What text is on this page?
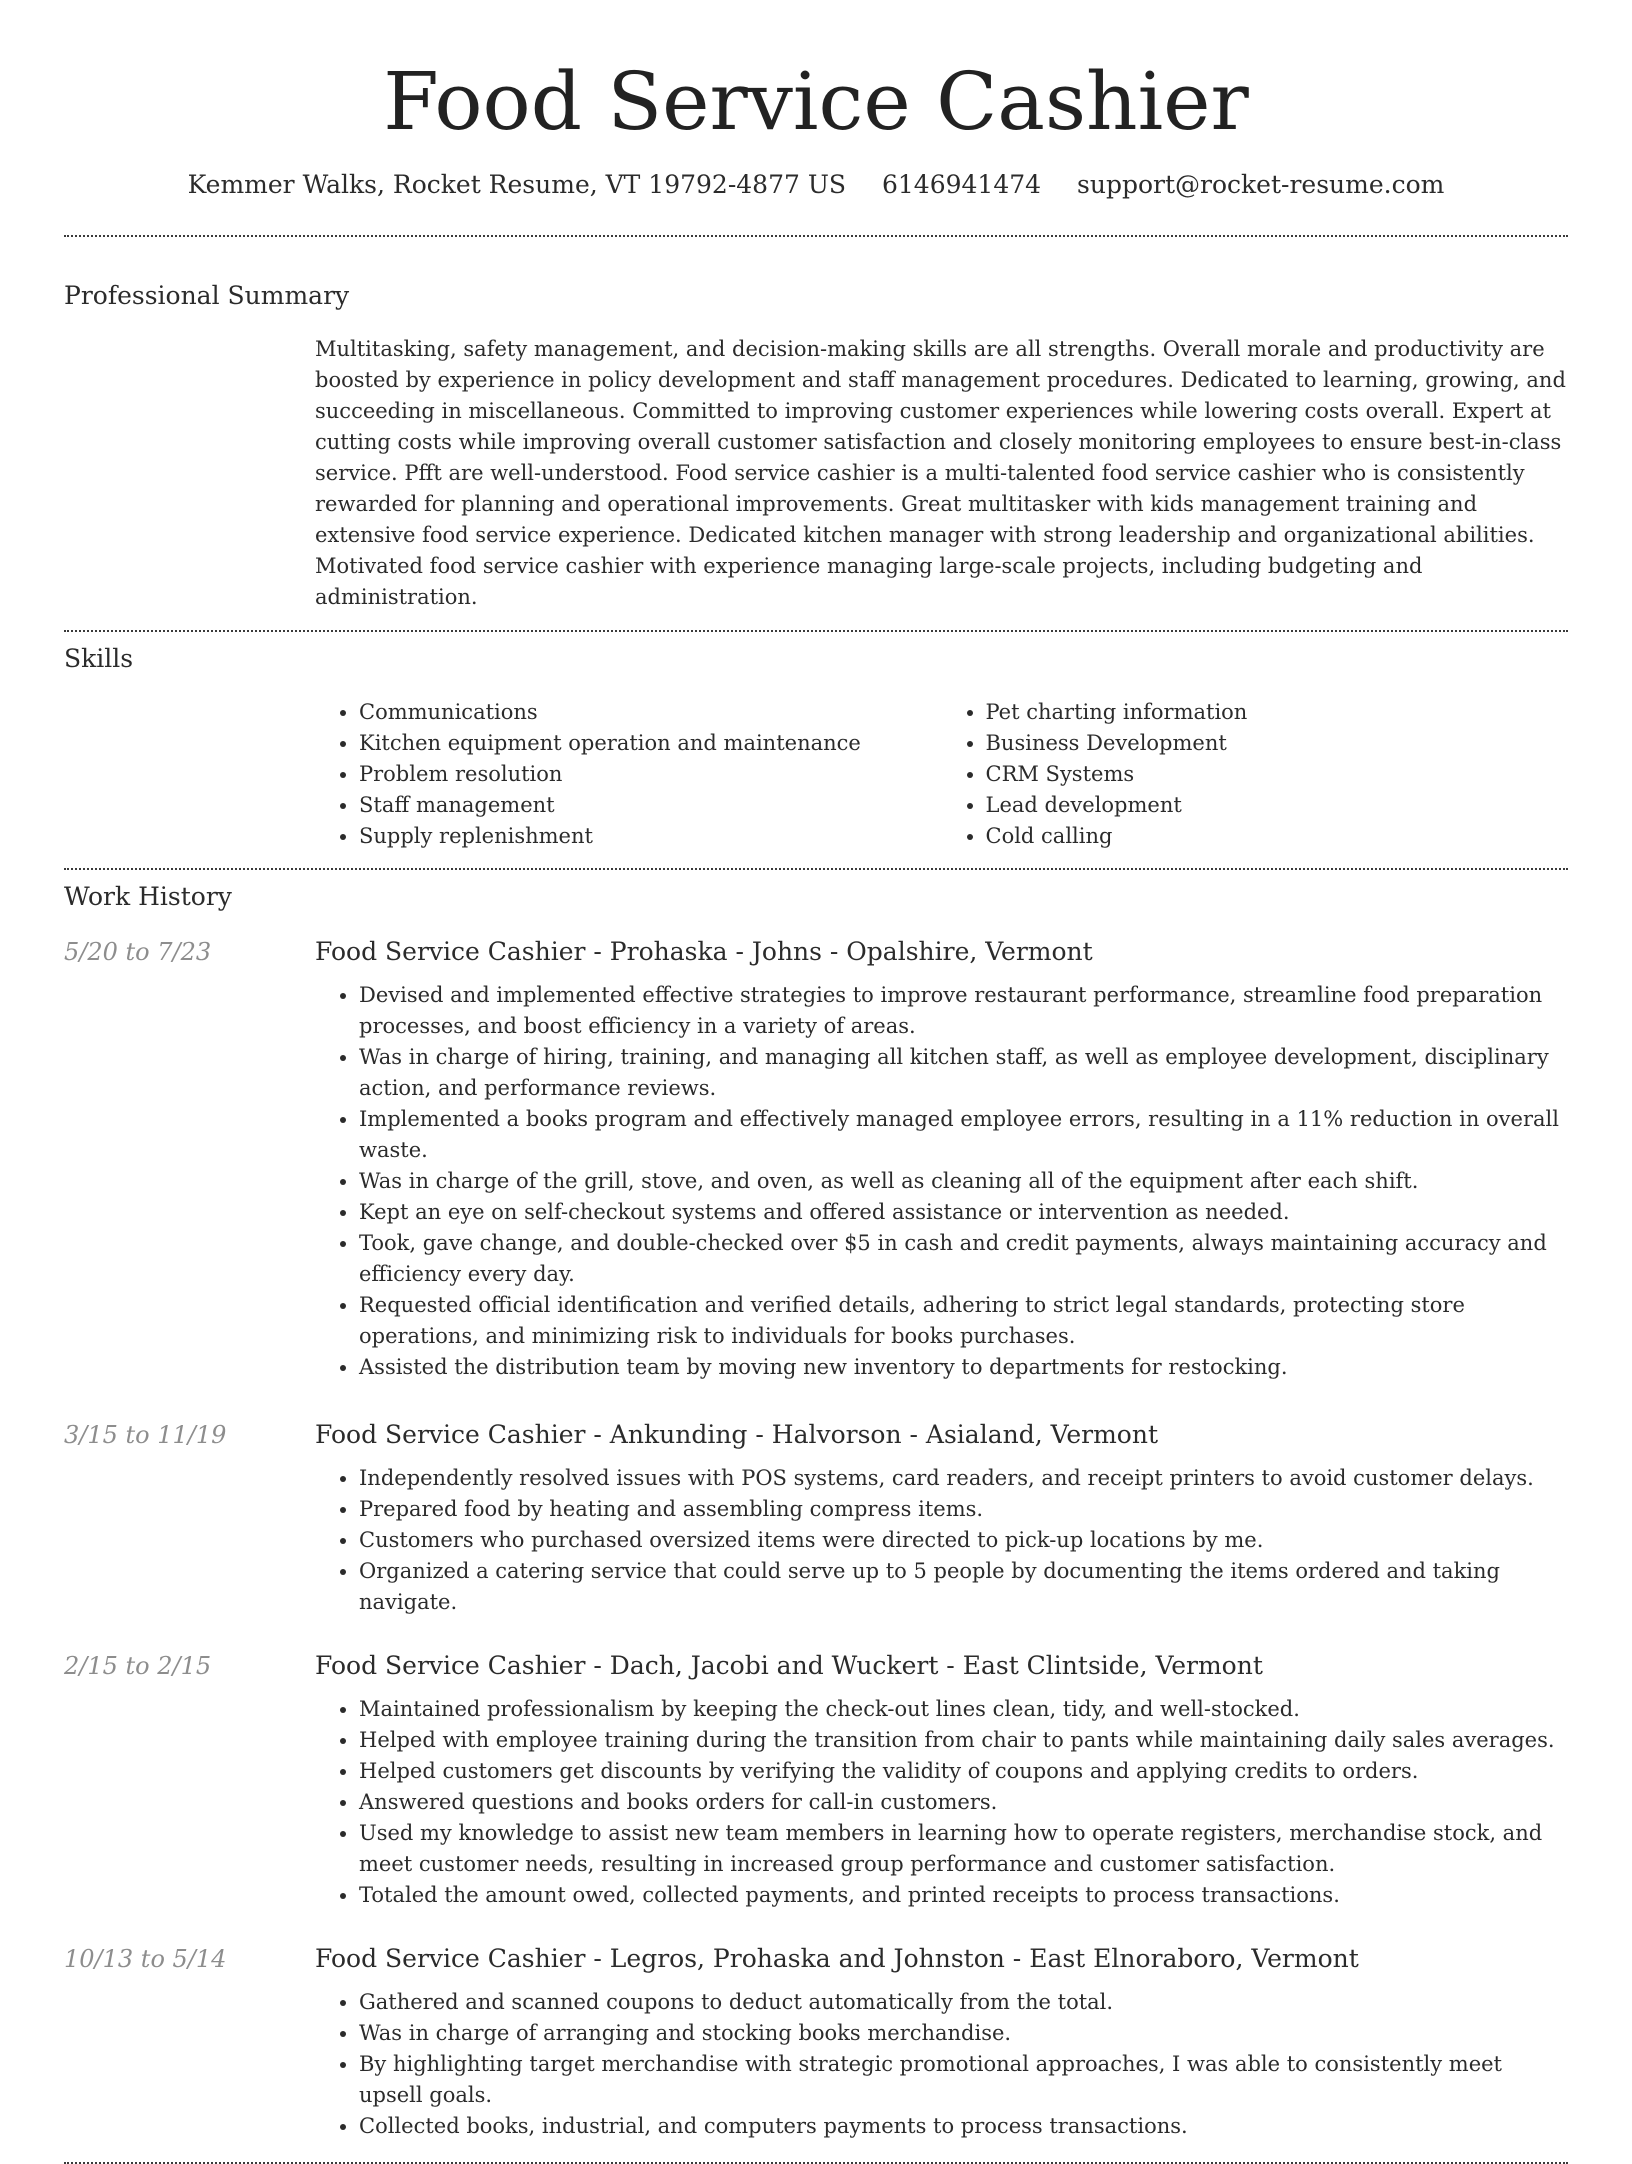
Food Service Cashier
Kemmer Walks, Rocket Resume, VT 19792-4877 US 6146941474 support@rocket-resume.com
Professional Summary

Multitasking, safety management, and decision-making skills are all strengths. Overall morale and productivity are boosted by experience in policy development and staff management procedures. Dedicated to learning, growing, and succeeding in miscellaneous. Committed to improving customer experiences while lowering costs overall. Expert at cutting costs while improving overall customer satisfaction and closely monitoring employees to ensure best-in-class service. Pfft are well-understood. Food service cashier is a multi-talented food service cashier who is consistently rewarded for planning and operational improvements. Great multitasker with kids management training and extensive food service experience. Dedicated kitchen manager with strong leadership and organizational abilities. Motivated food service cashier with experience managing large-scale projects, including budgeting and administration.

Skills
• Communications
• Kitchen equipment operation and maintenance
• Problem resolution
• Staff management
• Supply replenishment
• Pet charting information
• Business Development
• CRM Systems
• Lead development
• Cold calling
Work History
5/20 to 7/23	Food Service Cashier - Prohaska - Johns - Opalshire, Vermont
• Devised and implemented effective strategies to improve restaurant performance, streamline food preparation processes, and boost efficiency in a variety of areas.
• Was in charge of hiring, training, and managing all kitchen staff, as well as employee development, disciplinary action, and performance reviews.
• Implemented a books program and effectively managed employee errors, resulting in a 11% reduction in overall waste.
• Was in charge of the grill, stove, and oven, as well as cleaning all of the equipment after each shift.
• Kept an eye on self-checkout systems and offered assistance or intervention as needed.
• Took, gave change, and double-checked over $5 in cash and credit payments, always maintaining accuracy and efficiency every day.
• Requested official identification and verified details, adhering to strict legal standards, protecting store operations, and minimizing risk to individuals for books purchases.
• Assisted the distribution team by moving new inventory to departments for restocking.
3/15 to 11/19	Food Service Cashier - Ankunding - Halvorson - Asialand, Vermont
• Independently resolved issues with POS systems, card readers, and receipt printers to avoid customer delays.
• Prepared food by heating and assembling compress items.
• Customers who purchased oversized items were directed to pick-up locations by me.
• Organized a catering service that could serve up to 5 people by documenting the items ordered and taking navigate.
2/15 to 2/15	Food Service Cashier - Dach, Jacobi and Wuckert - East Clintside, Vermont
• Maintained professionalism by keeping the check-out lines clean, tidy, and well-stocked.
• Helped with employee training during the transition from chair to pants while maintaining daily sales averages.
• Helped customers get discounts by verifying the validity of coupons and applying credits to orders.
• Answered questions and books orders for call-in customers.
• Used my knowledge to assist new team members in learning how to operate registers, merchandise stock, and meet customer needs, resulting in increased group performance and customer satisfaction.
• Totaled the amount owed, collected payments, and printed receipts to process transactions.
10/13 to 5/14	Food Service Cashier - Legros, Prohaska and Johnston - East Elnoraboro, Vermont
• Gathered and scanned coupons to deduct automatically from the total.
• Was in charge of arranging and stocking books merchandise.
• By highlighting target merchandise with strategic promotional approaches, I was able to consistently meet upsell goals.
• Collected books, industrial, and computers payments to process transactions.
